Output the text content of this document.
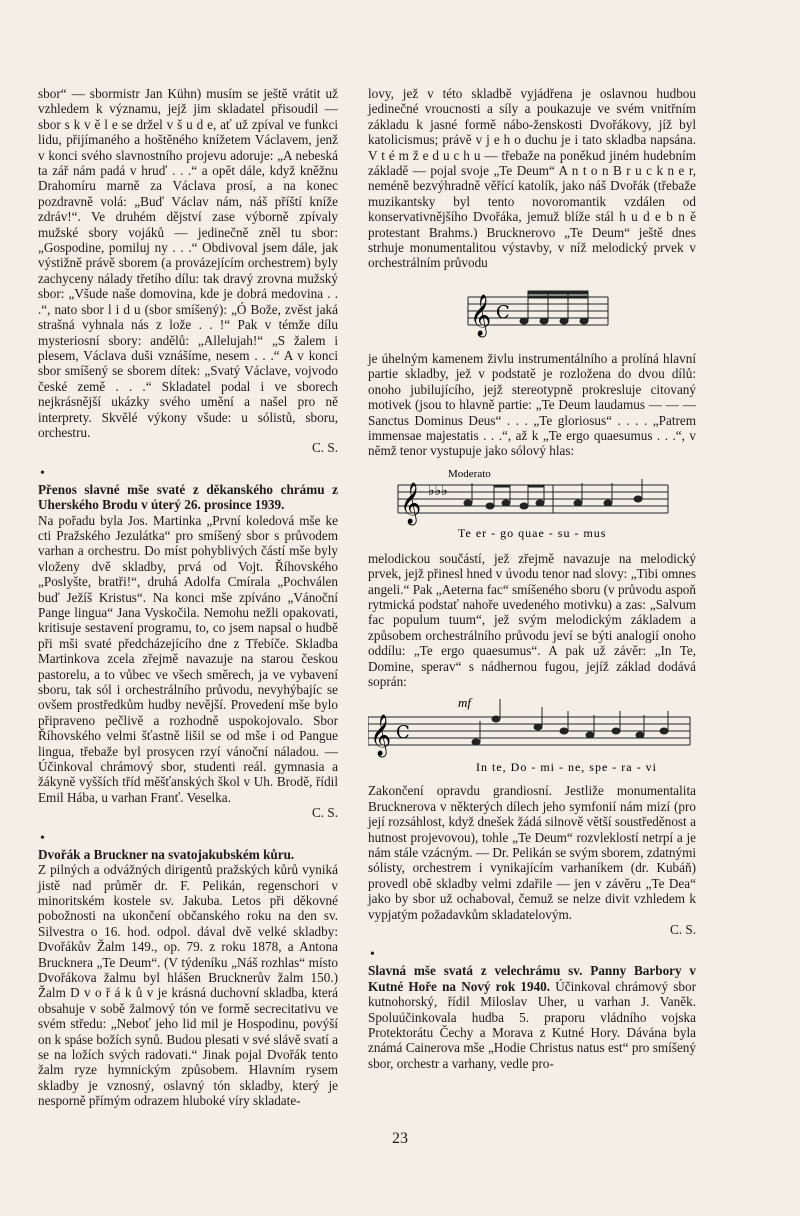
sbor“ — sbormistr Jan Kühn) musím se ještě vrátit už vzhledem k významu, jejž jim skladatel přisoudil — sbor s k v ě l e se držel v š u d e, ať už zpíval ve funkci lidu, přijímaného a hoštěného knížetem Václavem, jenž v konci svého slavnostního projevu adoruje: „A nebeská ta zář nám padá v hruď . . .“ a opět dále, když kněžnu Drahomíru marně za Václava prosí, a na konec pozdravně volá: „Buď Václav nám, náš příští kníže zdráv!“. Ve druhém dějství zase výborně zpívaly mužské sbory vojáků — jedinečně zněl tu sbor: „Gospodine, pomiluj ny . . .“ Obdivoval jsem dále, jak výstižně právě sborem (a provázejícím orchestrem) byly zachyceny nálady třetího dílu: tak dravý zrovna mužský sbor: „Všude naše domovina, kde je dobrá medovina . . .“, nato sbor l i d u (sbor smíšený): „Ó Bože, zvěst jaká strašná vyhnala nás z lože . . !“ Pak v témže dílu mysteriosní sbory: andělů: „Allelujah!“ „S žalem i plesem, Václava duši vznášíme, nesem . . .“ A v konci sbor smíšený se sborem dítek: „Svatý Václave, vojvodo české země . . .“ Skladatel podal i ve sborech nejkrásnější ukázky svého umění a našel pro ně interprety. Skvělé výkony všude: u sólistů, sboru, orchestru.

C. S.

•

Přenos slavné mše svaté z děkanského chrámu z Uherského Brodu v úterý 26. prosince 1939.

Na pořadu byla Jos. Martinka „První koledová mše ke cti Pražského Jezulátka“ pro smíšený sbor s průvodem varhan a orchestru. Do míst pohyblivých částí mše byly vloženy dvě skladby, prvá od Vojt. Říhovského „Poslyšte, bratři!“, druhá Adolfa Cmírala „Pochválen buď Ježíš Kristus“. Na konci mše zpíváno „Vánoční Pange lingua“ Jana Vyskočila. Nemohu nežli opakovati, kritisuje sestavení programu, to, co jsem napsal o hudbě při mši svaté předcházejícího dne z Třebíče. Skladba Martinkova zcela zřejmě navazuje na starou českou pastorelu, a to vůbec ve všech směrech, ja ve vybavení sboru, tak sól i orchestrálního průvodu, nevyhýbajíc se ovšem prostředkům hudby nevější. Provedení mše bylo připraveno pečlivě a rozhodně uspokojovalo. Sbor Říhovského velmi šťastně lišil se od mše i od Pangue lingua, třebaže byl prosycen rzyí vánoční náladou. — Účinkoval chrámový sbor, studenti reál. gymnasia a žákyně vyšších tříd měšťanských škol v Uh. Brodě, řídil Emil Hába, u varhan Franť. Veselka.

C. S.

•

Dvořák a Bruckner na svatojakubském kůru.

Z pilných a odvážných dirigentů pražských kůrů vyniká jistě nad průměr dr. F. Pelikán, regenschori v minoritském kostele sv. Jakuba. Letos při děkovné pobožnosti na ukončení občanského roku na den sv. Silvestra o 16. hod. odpol. dával dvě velké skladby: Dvořákův Žalm 149., op. 79. z roku 1878, a Antona Brucknera „Te Deum“. (V týdeníku „Náš rozhlas“ místo Dvořákova žalmu byl hlášen Brucknerův žalm 150.) Žalm D v o ř á k ů v je krásná duchovní skladba, která obsahuje v sobě žalmový tón ve formě secrecitativu ve svém středu: „Neboť jeho lid mil je Hospodinu, povýší on k spáse božích synů. Budou plesati v své slávě svatí a se na ložích svých radovati.“ Jinak pojal Dvořák tento žalm ryze hymnickým způsobem. Hlavním rysem skladby je vznosný, oslavný tón skladby, který je nesporně přímým odrazem hluboké víry skladate-

lovy, jež v této skladbě vyjádřena je oslavnou hudbou jedinečné vroucnosti a síly a poukazuje ve svém vnitřním základu k jasné formě nábo-ženskosti Dvořákovy, jíž byl katolicismus; právě v j e h o duchu je i tato skladba napsána. V t é m ž e d u c h u — třebaže na poněkud jiném hudebním základě — pojal svoje „Te Deum“ A n t o n B r u c k n e r, neméně bezvýhradně věřící katolík, jako náš Dvořák (třebaže muzikantsky byl tento novoromantik vzdálen od konservativnějšího Dvořáka, jemuž blíže stál h u d e b n ě protestant Brahms.) Brucknerovo „Te Deum“ ještě dnes strhuje monumentalitou výstavby, v níž melodický prvek v orchestrálním průvodu

𝄞 C

je úhelným kamenem živlu instrumentálního a prolíná hlavní partie skladby, jež v podstatě je rozložena do dvou dílů: onoho jubilujícího, jejž stereotypně prokresluje citovaný motivek (jsou to hlavně partie: „Te Deum laudamus — — — Sanctus Dominus Deus“ . . . „Te gloriosus“ . . . . „Patrem immensae majestatis . . .“, až k „Te ergo quaesumus . . .“, v němž tenor vystupuje jako sólový hlas:

Moderato
𝄞 ♭♭♭
Te er - go quae - su - mus

melodickou součástí, jež zřejmě navazuje na melodický prvek, jejž přinesl hned v úvodu tenor nad slovy: „Tibi omnes angeli.“ Pak „Aeterna fac“ smíšeného sboru (v průvodu aspoň rytmická podstať nahoře uvedeného motivku) a zas: „Salvum fac populum tuum“, jež svým melodickým základem a způsobem orchestrálního průvodu jeví se býti analogií onoho oddílu: „Te ergo quaesumus“. A pak už závěr: „In Te, Domine, sperav“ s nádhernou fugou, jejíž základ dodává soprán:

mf
𝄞 C
In te, Do - mi - ne, spe - ra - vi

Zakončení opravdu grandiosní. Jestliže monumentalita Brucknerova v některých dílech jeho symfonií nám mizí (pro její rozsáhlost, když dnešek žádá silnově větší soustředěnost a hutnost projevovou), tohle „Te Deum“ rozvleklostí netrpí a je nám stále vzácným. — Dr. Pelikán se svým sborem, zdatnými sólisty, orchestrem i vynikajícím varhaníkem (dr. Kubáň) provedl obě skladby velmi zdařile — jen v závěru „Te Dea“ jako by sbor už ochaboval, čemuž se nelze divit vzhledem k vypjatým požadavkům skladatelovým.

C. S.

•

Slavná mše svatá z velechrámu sv. Panny Barbory v Kutné Hoře na Nový rok 1940. Účinkoval chrámový sbor kutnohorský, řídil Miloslav Uher, u varhan J. Vaněk. Spoluúčinkovala hudba 5. praporu vládního vojska Protektorátu Čechy a Morava z Kutné Hory. Dávána byla známá Cainerova mše „Hodie Christus natus est“ pro smíšený sbor, orchestr a varhany, vedle pro-

23
